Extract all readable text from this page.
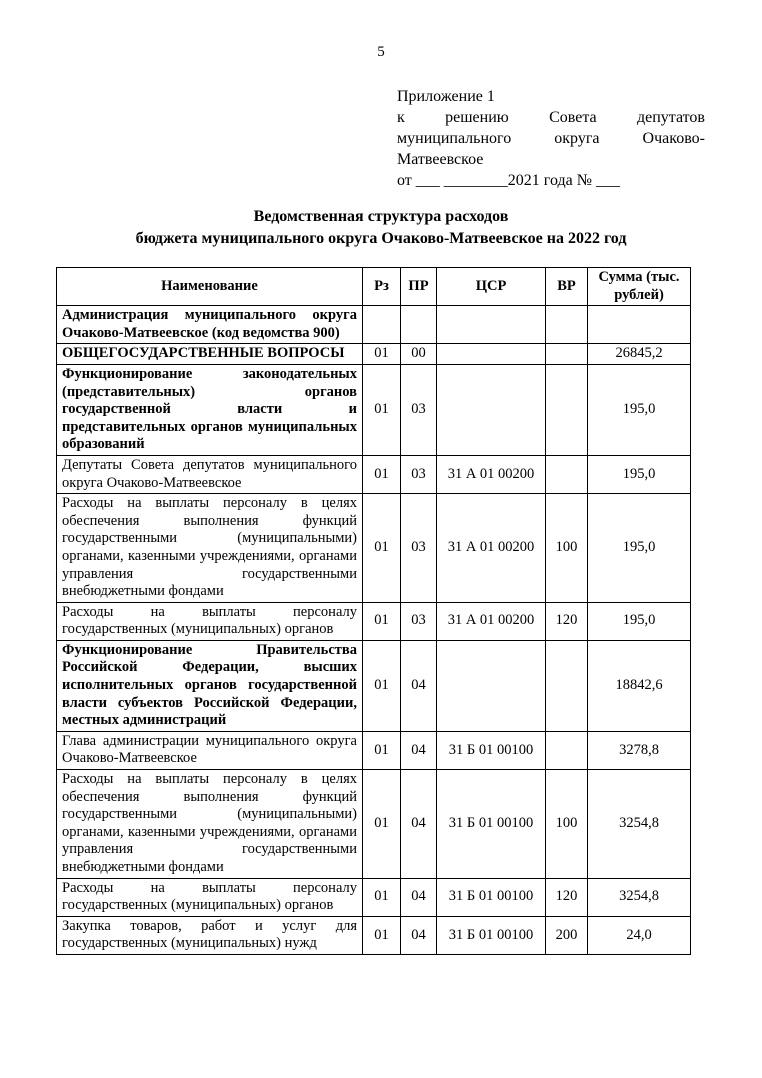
5
Приложение 1
к	решению	Совета	депутатов
муниципального	округа	Очаково-
Матвеевское
от ___ ________2021 года № ___
Ведомственная структура расходов
бюджета муниципального округа Очаково-Матвеевское на 2022 год
Наименование	Рз	ПР	ЦСР	ВР	Сумма (тыс. рублей)
Администрация муниципального округа Очаково-Матвеевское (код ведомства 900)					
ОБЩЕГОСУДАРСТВЕННЫЕ ВОПРОСЫ	01	00			26845,2
Функционирование законодательных (представительных) органов государственной власти и представительных органов муниципальных образований	01	03			195,0
Депутаты Совета депутатов муниципального округа Очаково-Матвеевское	01	03	31 А 01 00200		195,0
Расходы на выплаты персоналу в целях обеспечения выполнения функций государственными (муниципальными) органами, казенными учреждениями, органами управления государственными внебюджетными фондами	01	03	31 А 01 00200	100	195,0
Расходы на выплаты персоналу государственных (муниципальных) органов	01	03	31 А 01 00200	120	195,0
Функционирование Правительства Российской Федерации, высших исполнительных органов государственной власти субъектов Российской Федерации, местных администраций	01	04			18842,6
Глава администрации муниципального округа Очаково-Матвеевское	01	04	31 Б 01 00100		3278,8
Расходы на выплаты персоналу в целях обеспечения выполнения функций государственными (муниципальными) органами, казенными учреждениями, органами управления государственными внебюджетными фондами	01	04	31 Б 01 00100	100	3254,8
Расходы на выплаты персоналу государственных (муниципальных) органов	01	04	31 Б 01 00100	120	3254,8
Закупка товаров, работ и услуг для государственных (муниципальных) нужд	01	04	31 Б 01 00100	200	24,0
